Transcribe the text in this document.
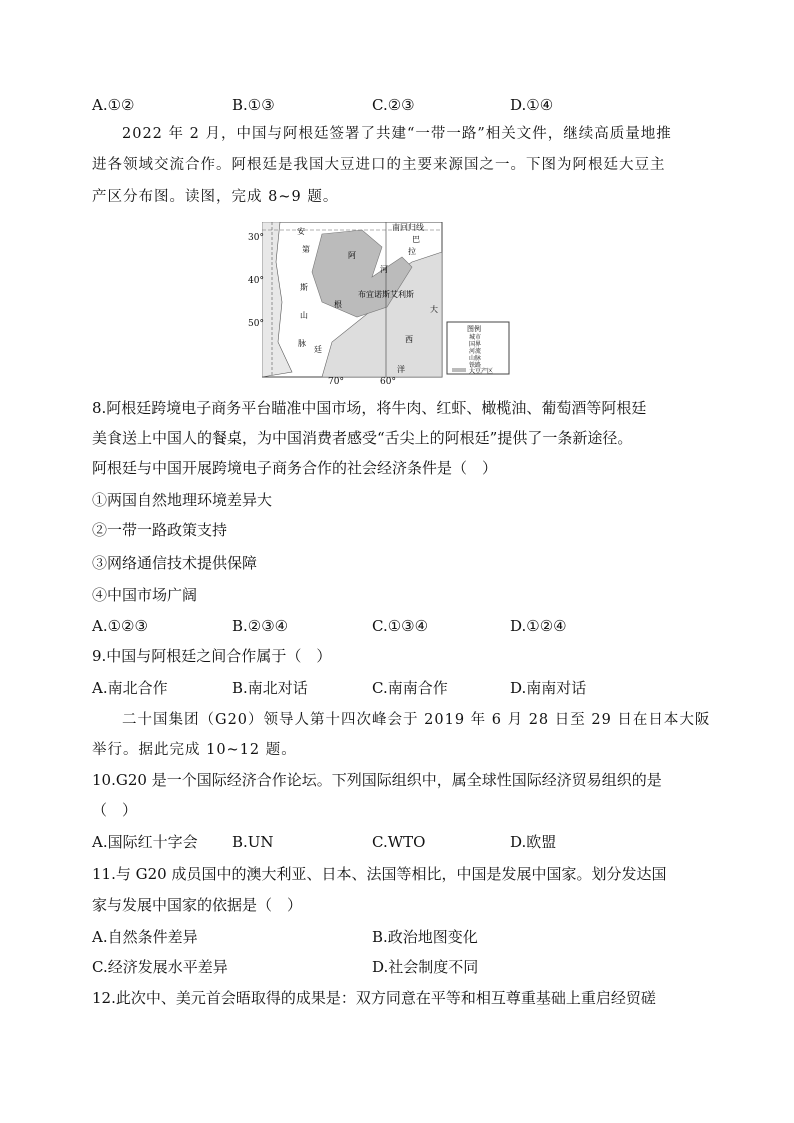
A.①②	B.①③	C.②③	D.①④
2022 年 2 月，中国与阿根廷签署了共建“一带一路”相关文件，继续高质量地推
进各领域交流合作。阿根廷是我国大豆进口的主要来源国之一。下图为阿根廷大豆主
产区分布图。读图，完成 8~9 题。
南回归线
巴
拉
安
第
斯
山
脉
阿
根
廷
河
布宜诺斯艾利斯
大
西
洋
图例
城市
国界
河流
山脉
铁路
大豆产区
30°
40°
50°
70°	60°
8.阿根廷跨境电子商务平台瞄准中国市场，将牛肉、红虾、橄榄油、葡萄酒等阿根廷
美食送上中国人的餐桌，为中国消费者感受“舌尖上的阿根廷”提供了一条新途径。
阿根廷与中国开展跨境电子商务合作的社会经济条件是（　）
①两国自然地理环境差异大
②一带一路政策支持
③网络通信技术提供保障
④中国市场广阔
A.①②③	B.②③④	C.①③④	D.①②④
9.中国与阿根廷之间合作属于（　）
A.南北合作	B.南北对话	C.南南合作	D.南南对话
二十国集团（G20）领导人第十四次峰会于 2019 年 6 月 28 日至 29 日在日本大阪
举行。据此完成 10~12 题。
10.G20 是一个国际经济合作论坛。下列国际组织中，属全球性国际经济贸易组织的是
（　）
A.国际红十字会 B.UN	C.WTO	D.欧盟
11.与 G20 成员国中的澳大利亚、日本、法国等相比，中国是发展中国家。划分发达国
家与发展中国家的依据是（　）
A.自然条件差异	B.政治地图变化
C.经济发展水平差异	D.社会制度不同
12.此次中、美元首会晤取得的成果是：双方同意在平等和相互尊重基础上重启经贸磋
